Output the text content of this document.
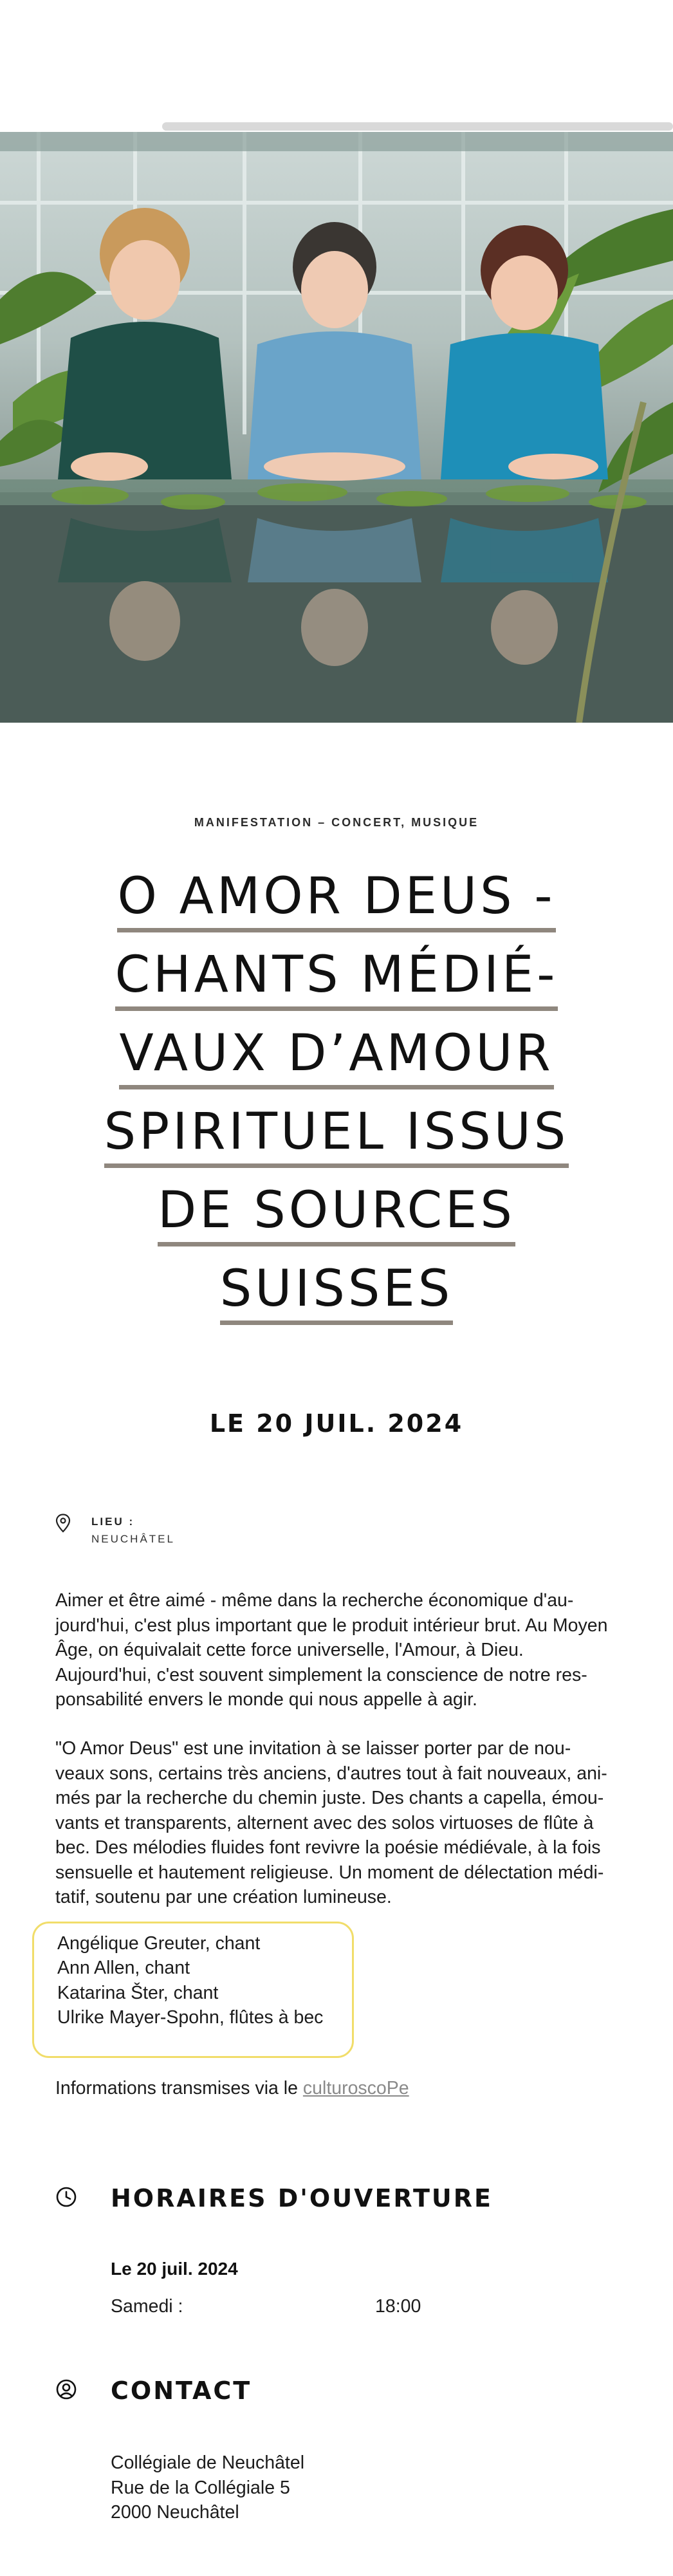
MANIFESTATION – CONCERT, MUSIQUE
O AMOR DEUS -
CHANTS MÉDIÉ-
VAUX D’AMOUR
SPIRITUEL ISSUS
DE SOURCES
SUISSES
LE 20 JUIL. 2024
LIEU :
NEUCHÂTEL

Aimer et être aimé - même dans la recherche économique d'au-jourd'hui, c'est plus important que le produit intérieur brut. Au Moyen Âge, on équivalait cette force universelle, l'Amour, à Dieu. Aujourd'hui, c'est souvent simplement la conscience de notre res-ponsabilité envers le monde qui nous appelle à agir.

"O Amor Deus" est une invitation à se laisser porter par de nou-veaux sons, certains très anciens, d'autres tout à fait nouveaux, ani-més par la recherche du chemin juste. Des chants a capella, émou-vants et transparents, alternent avec des solos virtuoses de flûte à bec. Des mélodies fluides font revivre la poésie médiévale, à la fois sensuelle et hautement religieuse. Un moment de délectation médi-tatif, soutenu par une création lumineuse.

Angélique Greuter, chant
Ann Allen, chant
Katarina Šter, chant
Ulrike Mayer-Spohn, flûtes à bec
Informations transmises via le culturoscoPe
HORAIRES D'OUVERTURE
Le 20 juil. 2024
Samedi :	18:00
CONTACT
Collégiale de Neuchâtel
Rue de la Collégiale 5
2000 Neuchâtel
